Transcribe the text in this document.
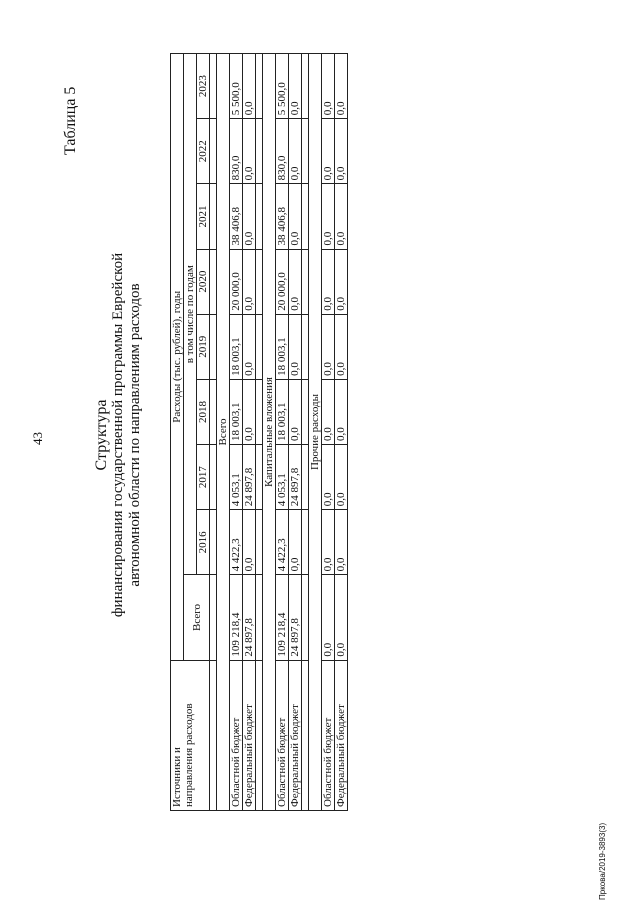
43
Таблица 5
Пркова/2019-3893(3)
Структура финансирования государственной программы Еврейской автономной области по направлениям расходов
Источники и направления расходов	Расходы (тыс. рублей), годы								
	Всего	в том числе по годам							
		2016	2017	2018	2019	2020	2021	2022	2023

Всего									
Областной бюджет	109 218,4	4 422,3	4 053,1	18 003,1	18 003,1	20 000,0	38 406,8	830,0	5 500,0
Федеральный бюджет	24 897,8	0,0	24 897,8	0,0	0,0	0,0	0,0	0,0	0,0

Капитальные вложения									
Областной бюджет	109 218,4	4 422,3	4 053,1	18 003,1	18 003,1	20 000,0	38 406,8	830,0	5 500,0
Федеральный бюджет	24 897,8	0,0	24 897,8	0,0	0,0	0,0	0,0	0,0	0,0

Прочие расходы									
Областной бюджет	0,0	0,0	0,0	0,0	0,0	0,0	0,0	0,0	0,0
Федеральный бюджет	0,0	0,0	0,0	0,0	0,0	0,0	0,0	0,0	0,0
